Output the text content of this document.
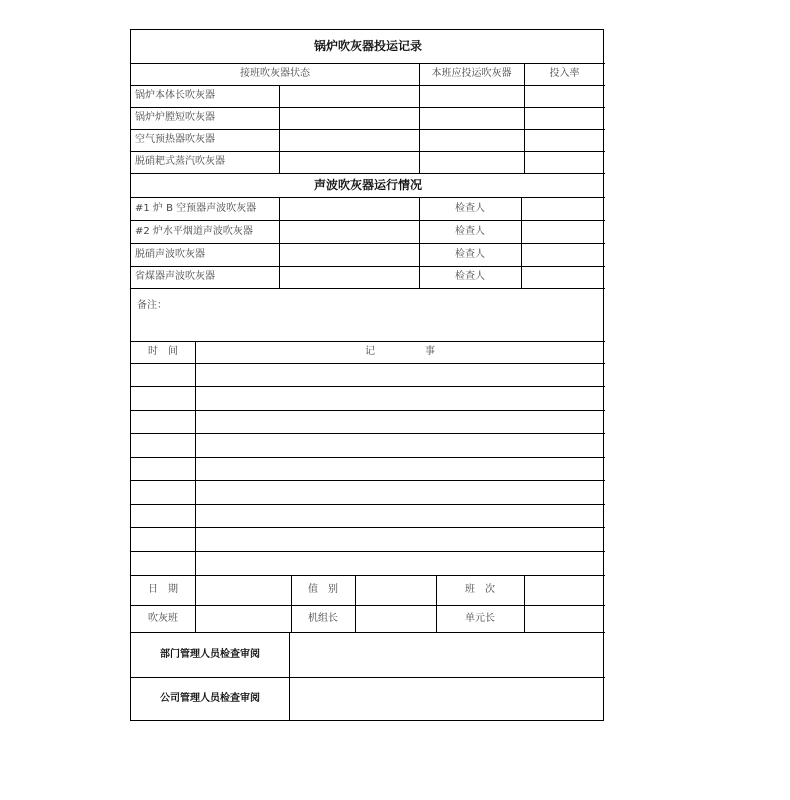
锅炉吹灰器投运记录
接班吹灰器状态	本班应投运吹灰器	投入率
锅炉本体长吹灰器
锅炉炉膛短吹灰器
空气预热器吹灰器
脱硝耙式蒸汽吹灰器
声波吹灰器运行情况
#1 炉 B 空预器声波吹灰器	检查人
#2 炉水平烟道声波吹灰器	检查人
脱硝声波吹灰器	检查人
省煤器声波吹灰器	检查人
备注：
时　间	记　　　　　事
日　期	值　别	班　次
吹灰班	机组长	单元长
部门管理人员检查审阅
公司管理人员检查审阅
